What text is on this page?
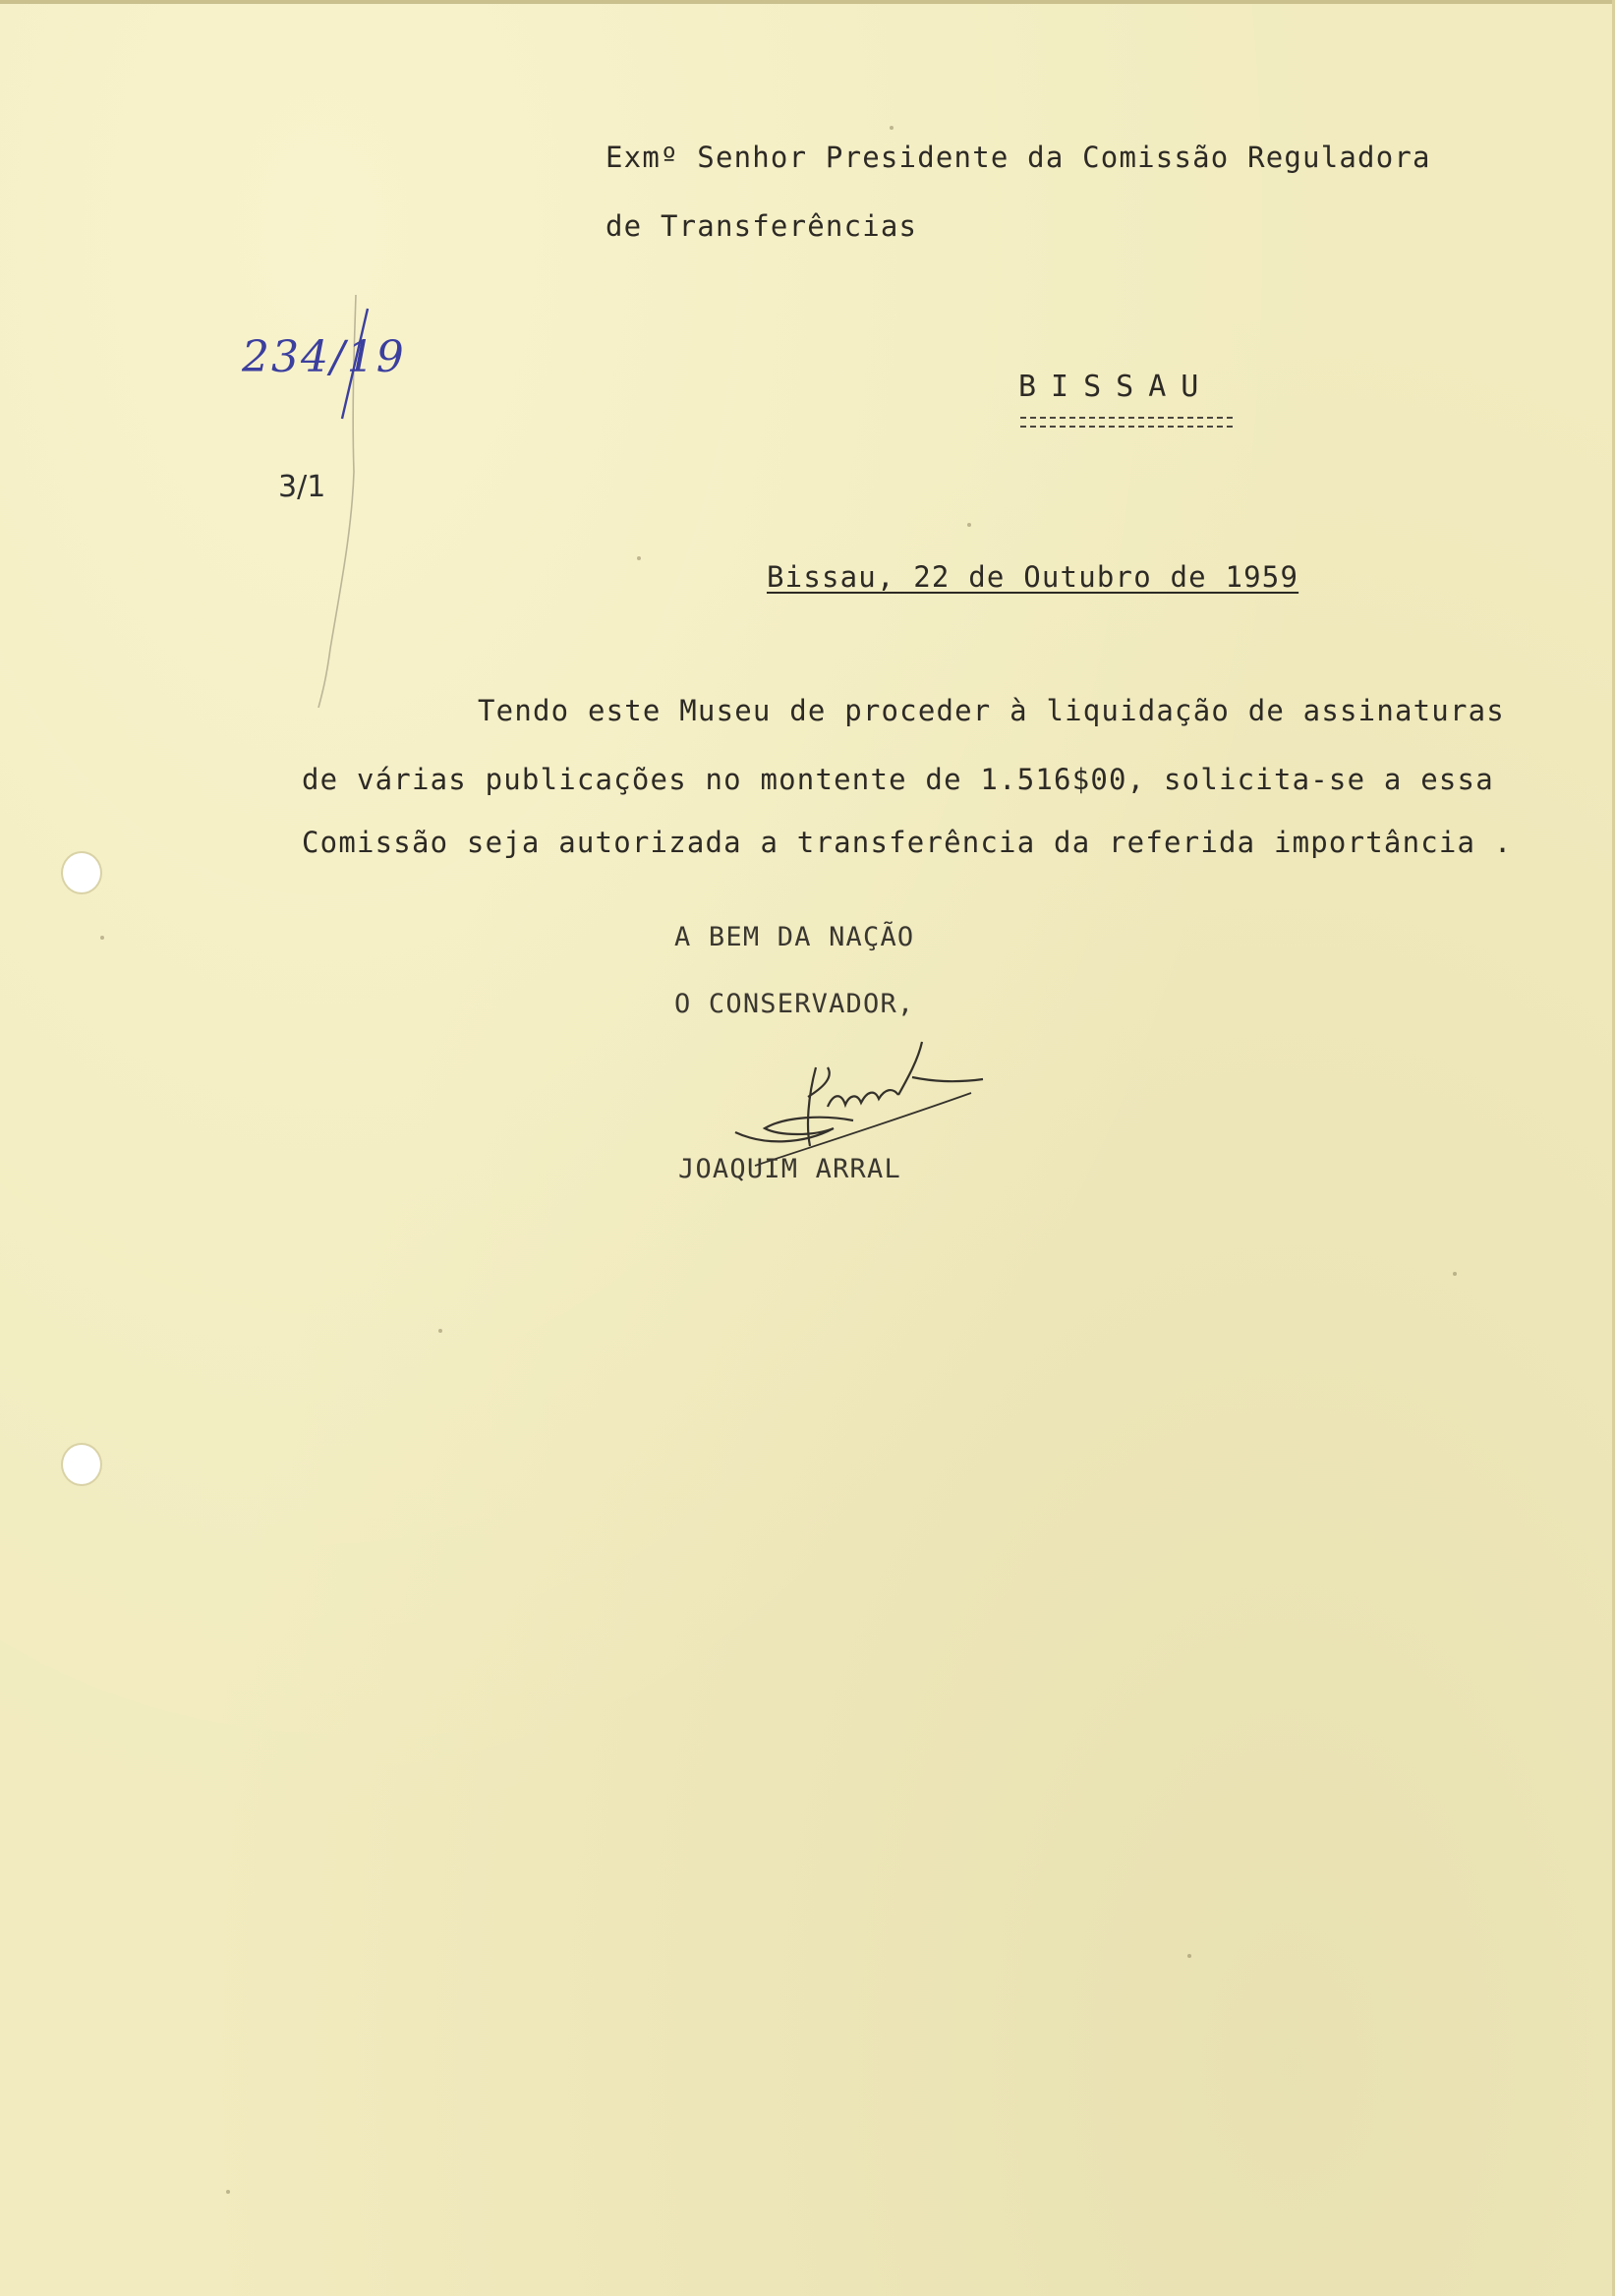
234/19
3/1
Exmº Senhor Presidente da Comissão Reguladora
de Transferências
BISSAU
Bissau, 22 de Outubro de 1959
Tendo este Museu de proceder à liquidação de assinaturas
de várias publicações no montente de 1.516$00, solicita-se a essa
Comissão seja autorizada a transferência da referida importância .
A BEM DA NAÇÃO
O CONSERVADOR,
JOAQUIM ARRAL
